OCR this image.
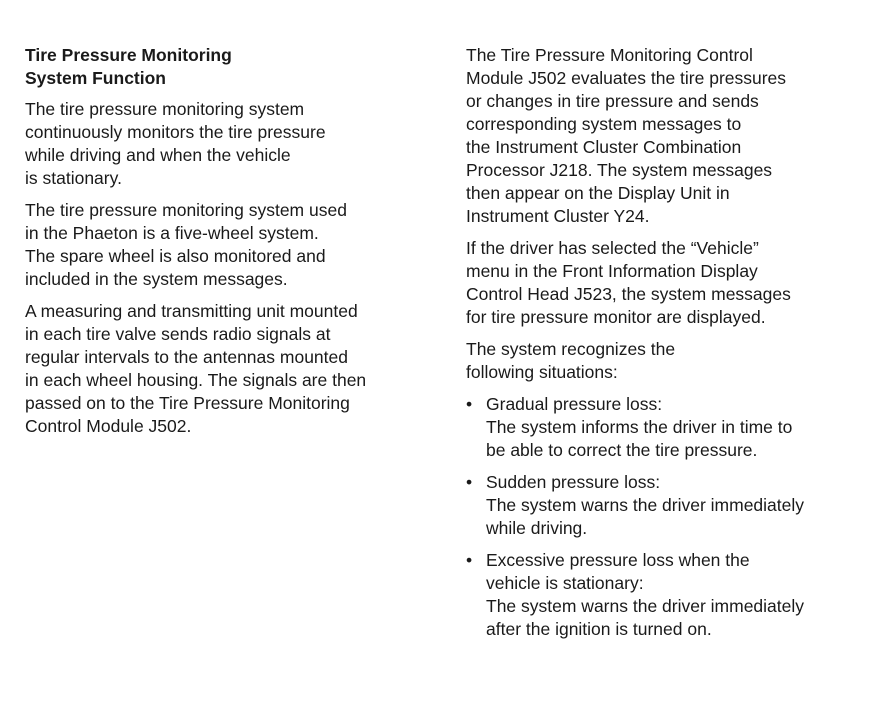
Tire Pressure Monitoring
System Function

The tire pressure monitoring system
continuously monitors the tire pressure
while driving and when the vehicle
is stationary.

The tire pressure monitoring system used
in the Phaeton is a five-wheel system.
The spare wheel is also monitored and
included in the system messages.

A measuring and transmitting unit mounted
in each tire valve sends radio signals at
regular intervals to the antennas mounted
in each wheel housing. The signals are then
passed on to the Tire Pressure Monitoring
Control Module J502.

The Tire Pressure Monitoring Control
Module J502 evaluates the tire pressures
or changes in tire pressure and sends
corresponding system messages to
the Instrument Cluster Combination
Processor J218. The system messages
then appear on the Display Unit in
Instrument Cluster Y24.

If the driver has selected the “Vehicle”
menu in the Front Information Display
Control Head J523, the system messages
for tire pressure monitor are displayed.

The system recognizes the
following situations:

• Gradual pressure loss:
The system informs the driver in time to
be able to correct the tire pressure.
• Sudden pressure loss:
The system warns the driver immediately
while driving.
• Excessive pressure loss when the
vehicle is stationary:
The system warns the driver immediately
after the ignition is turned on.
